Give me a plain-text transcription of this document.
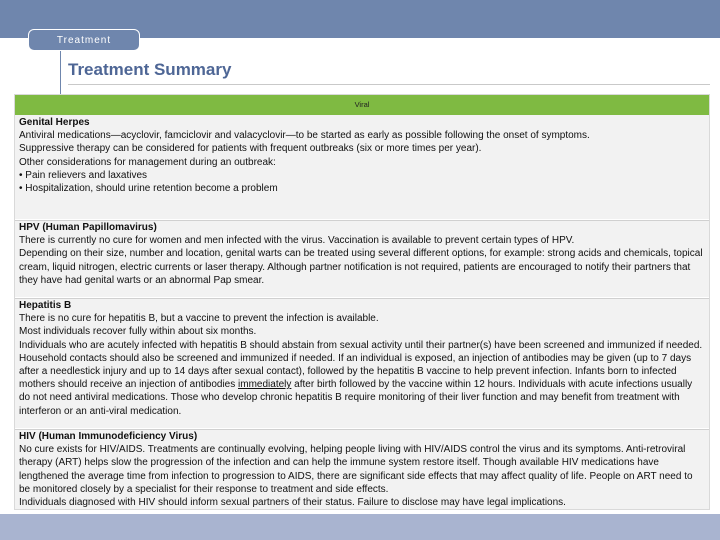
Treatment
Treatment Summary
Viral

Genital Herpes

Antiviral medications—acyclovir, famciclovir and valacyclovir—to be started as early as possible following the onset of symptoms.

Suppressive therapy can be considered for patients with frequent outbreaks (six or more times per year).

Other considerations for management during an outbreak:

• Pain relievers and laxatives

• Hospitalization, should urine retention become a problem

HPV (Human Papillomavirus)

There is currently no cure for women and men infected with the virus. Vaccination is available to prevent certain types of HPV.

Depending on their size, number and location, genital warts can be treated using several different options, for example: strong acids and chemicals, topical cream, liquid nitrogen, electric currents or laser therapy. Although partner notification is not required, patients are encouraged to notify their partners that they have had genital warts or an abnormal Pap smear.

Hepatitis B

There is no cure for hepatitis B, but a vaccine to prevent the infection is available.

Most individuals recover fully within about six months.

Individuals who are acutely infected with hepatitis B should abstain from sexual activity until their partner(s) have been screened and immunized if needed. Household contacts should also be screened and immunized if needed. If an individual is exposed, an injection of antibodies may be given (up to 7 days after a needlestick injury and up to 14 days after sexual contact), followed by the hepatitis B vaccine to help prevent infection. Infants born to infected mothers should receive an injection of antibodies immediately after birth followed by the vaccine within 12 hours. Individuals with acute infections usually do not need antiviral medications. Those who develop chronic hepatitis B require monitoring of their liver function and may benefit from treatment with interferon or an anti-viral medication.

HIV (Human Immunodeficiency Virus)

No cure exists for HIV/AIDS. Treatments are continually evolving, helping people living with HIV/AIDS control the virus and its symptoms. Anti-retroviral therapy (ART) helps slow the progression of the infection and can help the immune system restore itself. Though available HIV medications have lengthened the average time from infection to progression to AIDS, there are significant side effects that may affect quality of life. People on ART need to be monitored closely by a specialist for their response to treatment and side effects.

Individuals diagnosed with HIV should inform sexual partners of their status. Failure to disclose may have legal implications.
